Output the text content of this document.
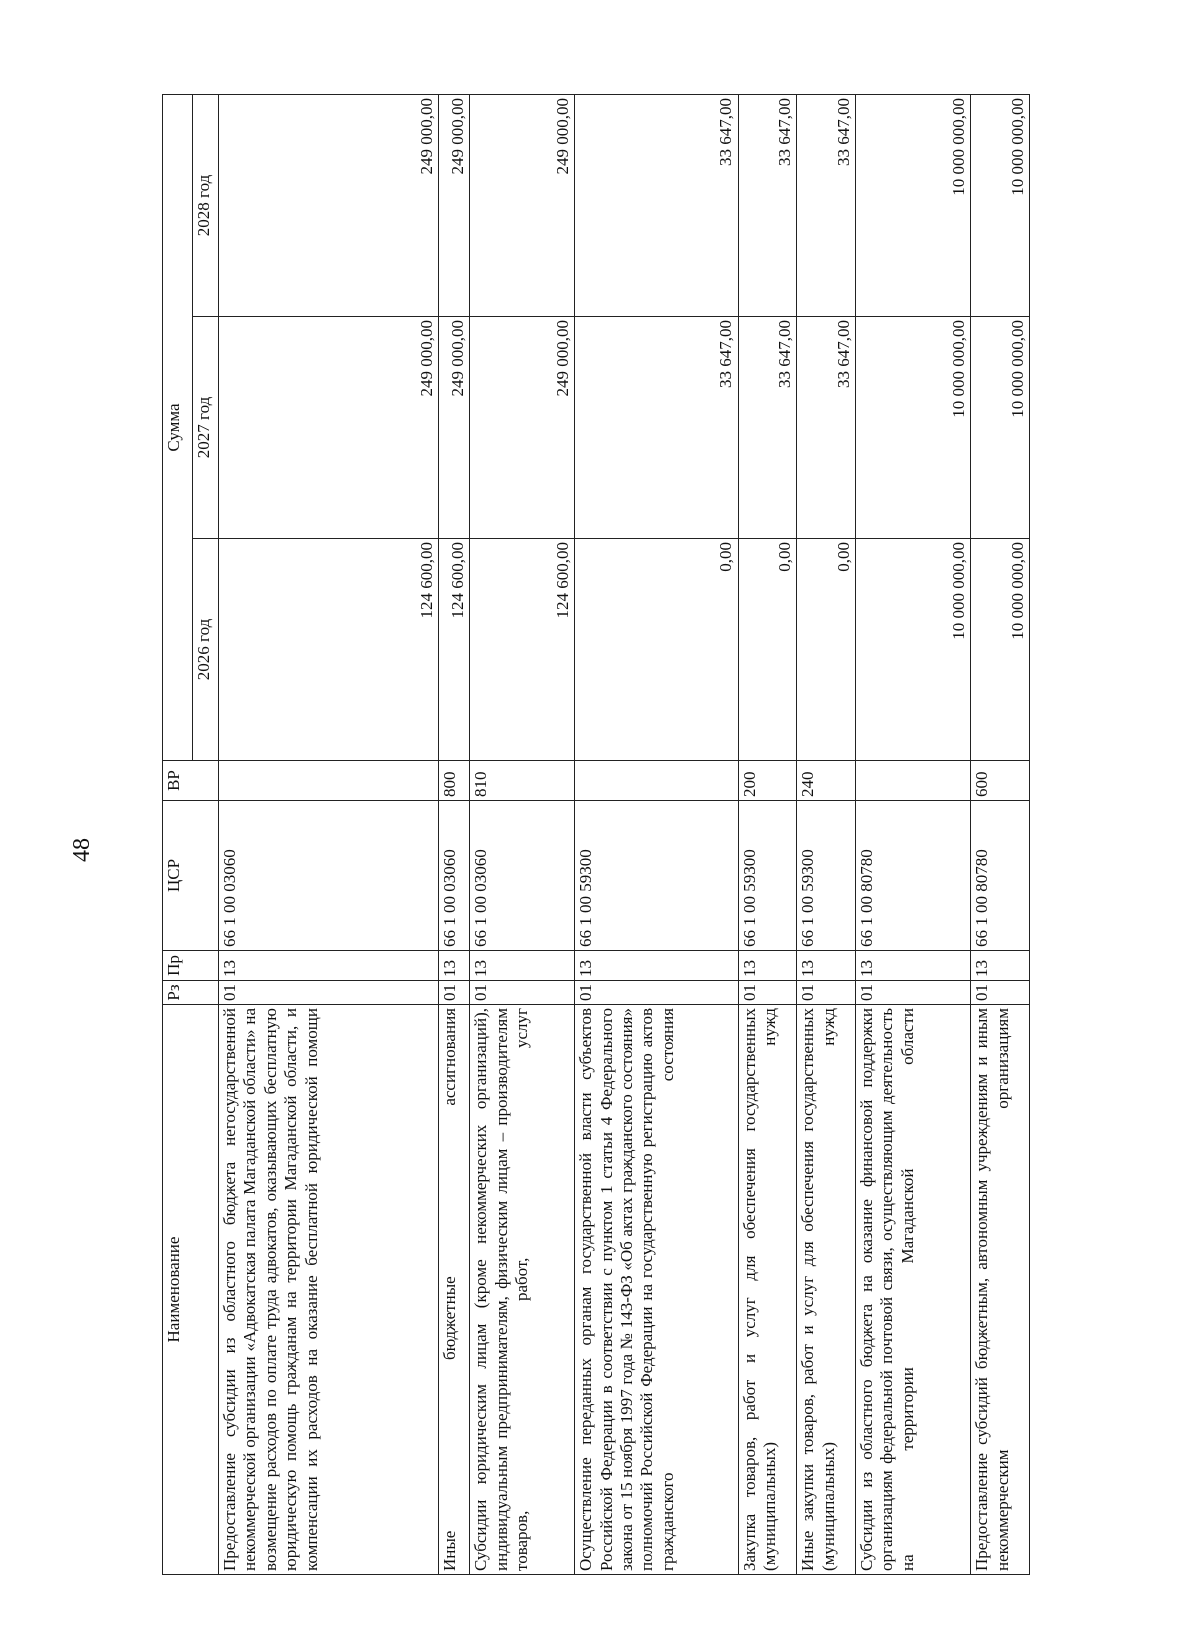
48
Наименование	Рз	Пр	ЦСР	ВР	Сумма		
					2026 год	2027 год	2028 год
Предоставление субсидии из областного бюджета негосударственной некоммерческой организации «Адвокатская палата Магаданской области» на возмещение расходов по оплате труда адвокатов, оказывающих бесплатную юридическую помощь гражданам на территории Магаданской области, и компенсации их расходов на оказание бесплатной юридической помощи	01	13	66 1 00 03060		124 600,00	249 000,00	249 000,00
Иные бюджетные ассигнования	01	13	66 1 00 03060	800	124 600,00	249 000,00	249 000,00
Субсидии юридическим лицам (кроме некоммерческих организаций), индивидуальным предпринимателям, физическим лицам – производителям товаров, работ, услуг	01	13	66 1 00 03060	810	124 600,00	249 000,00	249 000,00
Осуществление переданных органам государственной власти субъектов Российской Федерации в соответствии с пунктом 1 статьи 4 Федерального закона от 15 ноября 1997 года № 143-ФЗ «Об актах гражданского состояния» полномочий Российской Федерации на государственную регистрацию актов гражданского состояния	01	13	66 1 00 59300		0,00	33 647,00	33 647,00
Закупка товаров, работ и услуг для обеспечения государственных (муниципальных) нужд	01	13	66 1 00 59300	200	0,00	33 647,00	33 647,00
Иные закупки товаров, работ и услуг для обеспечения государственных (муниципальных) нужд	01	13	66 1 00 59300	240	0,00	33 647,00	33 647,00
Субсидии из областного бюджета на оказание финансовой поддержки организациям федеральной почтовой связи, осуществляющим деятельность на территории Магаданской области	01	13	66 1 00 80780		10 000 000,00	10 000 000,00	10 000 000,00
Предоставление субсидий бюджетным, автономным учреждениям и иным некоммерческим организациям	01	13	66 1 00 80780	600	10 000 000,00	10 000 000,00	10 000 000,00
